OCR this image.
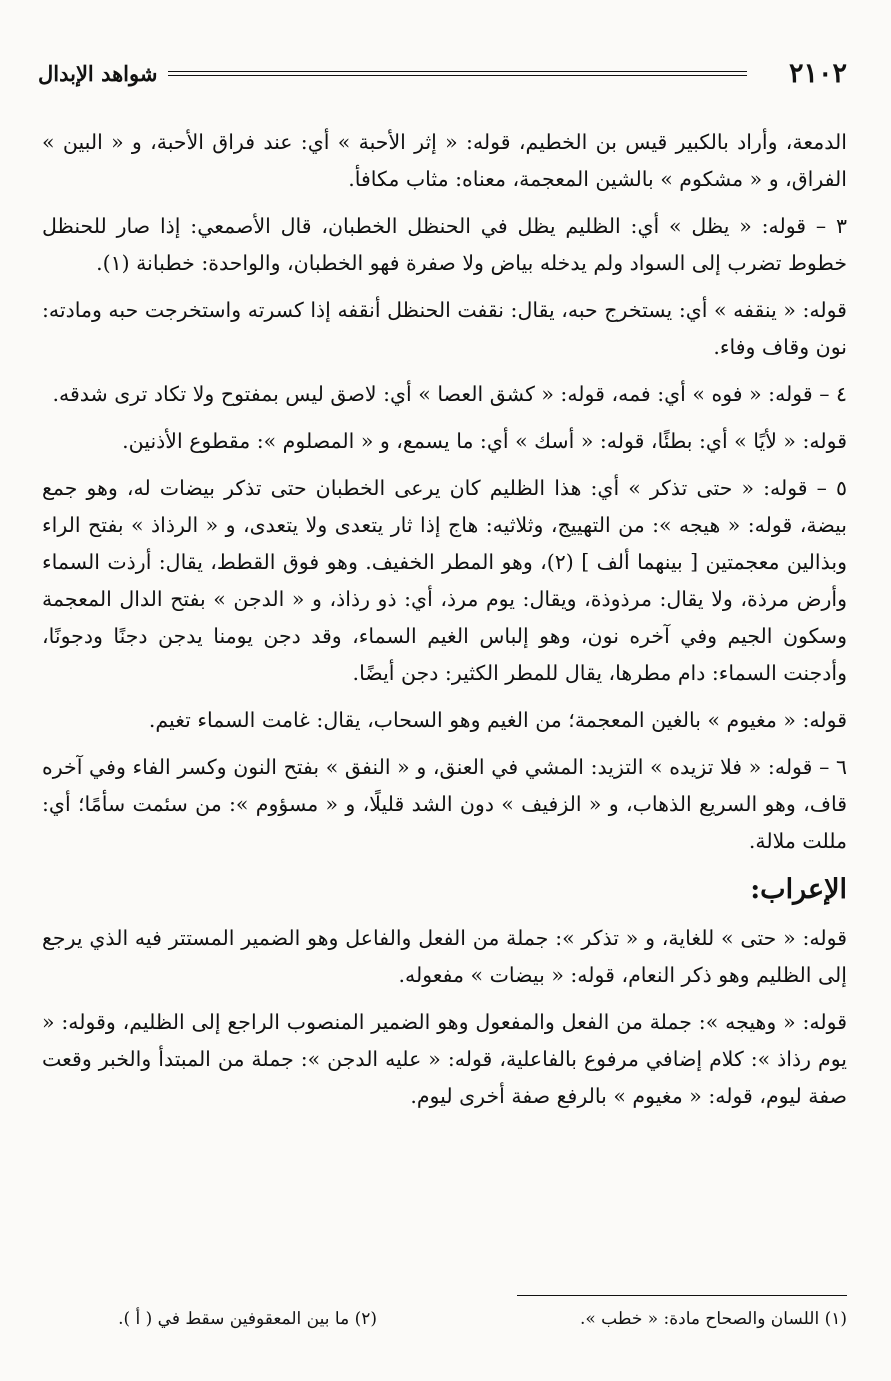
٢١٠٢
شواهد الإبدال

الدمعة، وأراد بالكبير قيس بن الخطيم، قوله: « إثر الأحبة » أي: عند فراق الأحبة، و « البين » الفراق، و « مشكوم » بالشين المعجمة، معناه: مثاب مكافأ.

٣ – قوله: « يظل » أي: الظليم يظل في الحنظل الخطبان، قال الأصمعي: إذا صار للحنظل خطوط تضرب إلى السواد ولم يدخله بياض ولا صفرة فهو الخطبان، والواحدة: خطبانة (١).

قوله: « ينقفه » أي: يستخرج حبه، يقال: نقفت الحنظل أنقفه إذا كسرته واستخرجت حبه ومادته: نون وقاف وفاء.

٤ – قوله: « فوه » أي: فمه، قوله: « كشق العصا » أي: لاصق ليس بمفتوح ولا تكاد ترى شدقه.

قوله: « لأيًا » أي: بطئًا، قوله: « أسك » أي: ما يسمع، و « المصلوم »: مقطوع الأذنين.

٥ – قوله: « حتى تذكر » أي: هذا الظليم كان يرعى الخطبان حتى تذكر بيضات له، وهو جمع بيضة، قوله: « هيجه »: من التهييج، وثلاثيه: هاج إذا ثار يتعدى ولا يتعدى، و « الرذاذ » بفتح الراء وبذالين معجمتين [ بينهما ألف ] (٢)، وهو المطر الخفيف. وهو فوق القطط، يقال: أرذت السماء وأرض مرذة، ولا يقال: مرذوذة، ويقال: يوم مرذ، أي: ذو رذاذ، و « الدجن » بفتح الدال المعجمة وسكون الجيم وفي آخره نون، وهو إلباس الغيم السماء، وقد دجن يومنا يدجن دجنًا ودجونًا، وأدجنت السماء: دام مطرها، يقال للمطر الكثير: دجن أيضًا.

قوله: « مغيوم » بالغين المعجمة؛ من الغيم وهو السحاب، يقال: غامت السماء تغيم.

٦ – قوله: « فلا تزيده » التزيد: المشي في العنق، و « النفق » بفتح النون وكسر الفاء وفي آخره قاف، وهو السريع الذهاب، و « الزفيف » دون الشد قليلًا، و « مسؤوم »: من سئمت سأمًا؛ أي: مللت ملالة.

الإعراب:

قوله: « حتى » للغاية، و « تذكر »: جملة من الفعل والفاعل وهو الضمير المستتر فيه الذي يرجع إلى الظليم وهو ذكر النعام، قوله: « بيضات » مفعوله.

قوله: « وهيجه »: جملة من الفعل والمفعول وهو الضمير المنصوب الراجع إلى الظليم، وقوله: « يوم رذاذ »: كلام إضافي مرفوع بالفاعلية، قوله: « عليه الدجن »: جملة من المبتدأ والخبر وقعت صفة ليوم، قوله: « مغيوم » بالرفع صفة أخرى ليوم.

(١) اللسان والصحاح مادة: « خطب ».
(٢) ما بين المعقوفين سقط في ( أ ).
